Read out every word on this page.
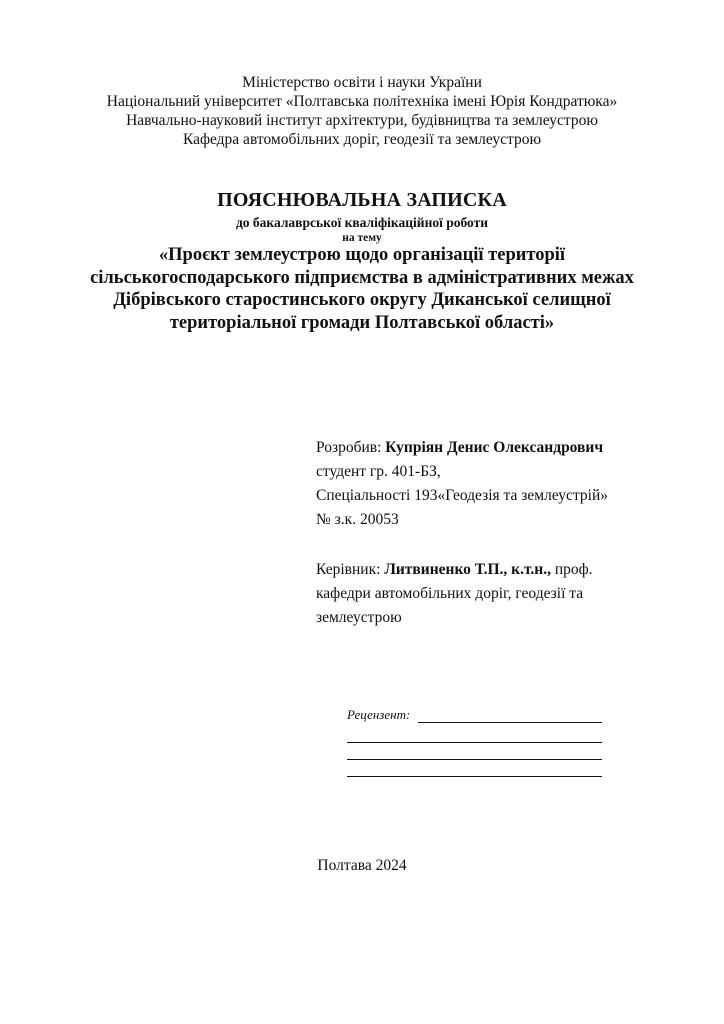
Міністерство освіти і науки України
Національний університет «Полтавська політехніка імені Юрія Кондратюка»
Навчально-науковий інститут архітектури, будівництва та землеустрою
Кафедра автомобільних доріг, геодезії та землеустрою
ПОЯСНЮВАЛЬНА ЗАПИСКА
до бакалаврської кваліфікаційної роботи
на тему
«Проєкт землеустрою щодо організації території
сільськогосподарського підприємства в адміністративних межах
Дібрівського старостинського округу Диканської селищної
територіальної громади Полтавської області»
Розробив: Купріян Денис Олександрович
студент гр. 401-БЗ,
Спеціальності 193«Геодезія та землеустрій»
№ з.к. 20053
Керівник: Литвиненко Т.П., к.т.н., проф.
кафедри автомобільних доріг, геодезії та
землеустрою
Рецензент:
Полтава 2024
